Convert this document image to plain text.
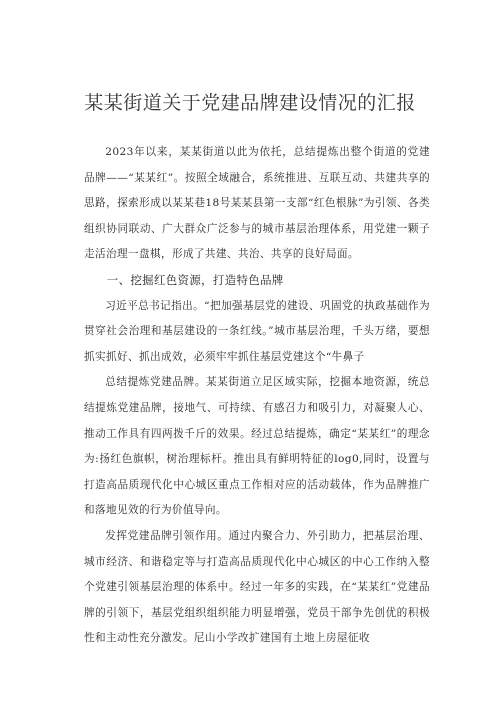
某某街道关于党建品牌建设情况的汇报

2023年以来，某某街道以此为依托，总结提炼出整个街道的党建品牌——“某某红”。按照全域融合，系统推进、互联互动、共建共享的思路，探索形成以某某巷18号某某县第一支部“红色根脉”为引领、各类组织协同联动、广大群众广泛参与的城市基层治理体系，用党建一颗子走活治理一盘棋，形成了共建、共治、共享的良好局面。

一、挖掘红色资源，打造特色品牌

习近平总书记指出。“把加强基层党的建设、巩固党的执政基础作为贯穿社会治理和基层建设的一条红线。”城市基层治理，千头万绪，要想抓实抓好、抓出成效，必须牢牢抓住基层党建这个“牛鼻子

总结提炼党建品牌。某某街道立足区域实际，挖掘本地资源，统总结提炼党建品牌，接地气、可持续、有感召力和吸引力，对凝聚人心、推动工作具有四两拨千斤的效果。经过总结提炼，确定“某某红”的理念为:扬红色旗帜，树治理标杆。推出具有鲜明特征的log0,同时，设置与打造高品质现代化中心城区重点工作相对应的活动载体，作为品牌推广和落地见效的行为价值导向。

发挥党建品牌引领作用。通过内聚合力、外引助力，把基层治理、城市经济、和谐稳定等与打造高品质现代化中心城区的中心工作纳入整个党建引领基层治理的体系中。经过一年多的实践，在“某某红”党建品牌的引领下，基层党组织组织能力明显增强，党员干部争先创优的积极性和主动性充分激发。尼山小学改扩建国有土地上房屋征收
